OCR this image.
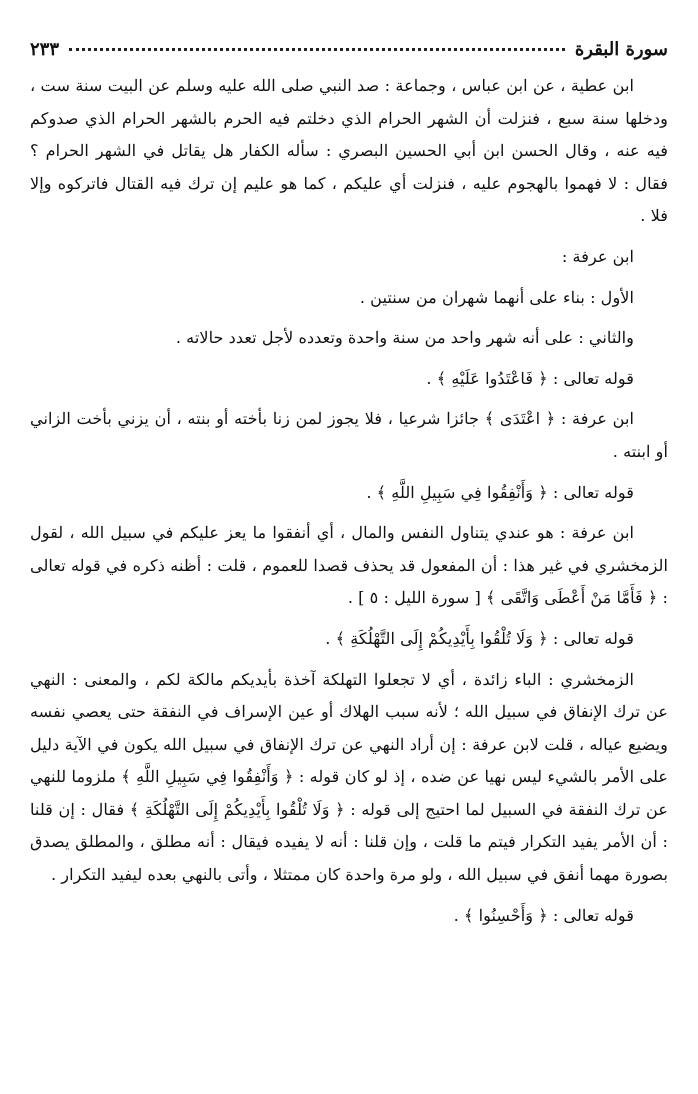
سورة البقرة
٢٣٣

ابن عطية ، عن ابن عباس ، وجماعة : صد النبي صلى الله عليه وسلم عن البيت سنة ست ، ودخلها سنة سبع ، فنزلت أن الشهر الحرام الذي دخلتم فيه الحرم بالشهر الحرام الذي صدوكم فيه عنه ، وقال الحسن ابن أبي الحسين البصري : سأله الكفار هل يقاتل في الشهر الحرام ؟ فقال : لا فهموا بالهجوم عليه ، فنزلت أي عليكم ، كما هو عليم إن ترك فيه القتال فاتركوه وإلا فلا .

ابن عرفة :

الأول : بناء على أنهما شهران من سنتين .

والثاني : على أنه شهر واحد من سنة واحدة وتعدده لأجل تعدد حالاته .

قوله تعالى : ﴿ فَاعْتَدُوا عَلَيْهِ ﴾ .

ابن عرفة : ﴿ اعْتَدَى ﴾ جائزا شرعيا ، فلا يجوز لمن زنا بأخته أو بنته ، أن يزني بأخت الزاني أو ابنته .

قوله تعالى : ﴿ وَأَنْفِقُوا فِي سَبِيلِ اللَّهِ ﴾ .

ابن عرفة : هو عندي يتناول النفس والمال ، أي أنفقوا ما يعز عليكم في سبيل الله ، لقول الزمخشري في غير هذا : أن المفعول قد يحذف قصدا للعموم ، قلت : أظنه ذكره في قوله تعالى : ﴿ فَأَمَّا مَنْ أَعْطَى وَاتَّقَى ﴾ [ سورة الليل : ٥ ] .

قوله تعالى : ﴿ وَلَا تُلْقُوا بِأَيْدِيكُمْ إِلَى التَّهْلُكَةِ ﴾ .

الزمخشري : الباء زائدة ، أي لا تجعلوا التهلكة آخذة بأيديكم مالكة لكم ، والمعنى : النهي عن ترك الإنفاق في سبيل الله ؛ لأنه سبب الهلاك أو عين الإسراف في النفقة حتى يعصي نفسه ويضيع عياله ، قلت لابن عرفة : إن أراد النهي عن ترك الإنفاق في سبيل الله يكون في الآية دليل على الأمر بالشيء ليس نهيا عن ضده ، إذ لو كان قوله : ﴿ وَأَنْفِقُوا فِي سَبِيلِ اللَّهِ ﴾ ملزوما للنهي عن ترك النفقة في السبيل لما احتيج إلى قوله : ﴿ وَلَا تُلْقُوا بِأَيْدِيكُمْ إِلَى التَّهْلُكَةِ ﴾ فقال : إن قلنا : أن الأمر يفيد التكرار فيتم ما قلت ، وإن قلنا : أنه لا يفيده فيقال : أنه مطلق ، والمطلق يصدق بصورة مهما أنفق في سبيل الله ، ولو مرة واحدة كان ممتثلا ، وأتى بالنهي بعده ليفيد التكرار .

قوله تعالى : ﴿ وَأَحْسِنُوا ﴾ .
